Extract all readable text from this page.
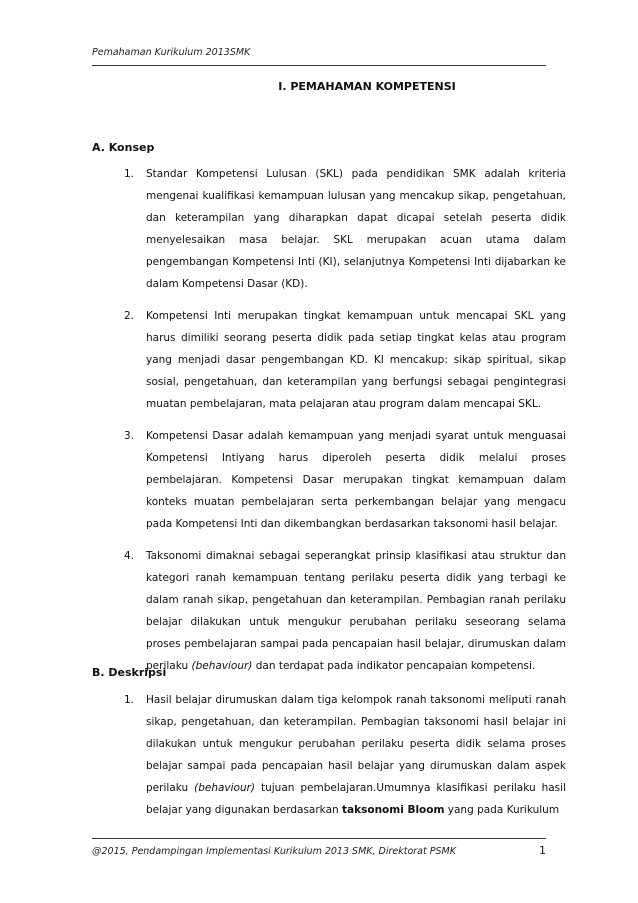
Pemahaman Kurikulum 2013SMK
I. PEMAHAMAN KOMPETENSI
A. Konsep
1.	Standar Kompetensi Lulusan (SKL) pada pendidikan SMK adalah kriteria mengenai kualifikasi kemampuan lulusan yang mencakup sikap, pengetahuan, dan keterampilan yang diharapkan dapat dicapai setelah peserta didik menyelesaikan masa belajar. SKL merupakan acuan utama dalam pengembangan Kompetensi Inti (KI), selanjutnya Kompetensi Inti dijabarkan ke dalam Kompetensi Dasar (KD).
2.	Kompetensi Inti merupakan tingkat kemampuan untuk mencapai SKL yang harus dimiliki seorang peserta didik pada setiap tingkat kelas atau program yang menjadi dasar pengembangan KD. KI mencakup: sikap spiritual, sikap sosial, pengetahuan, dan keterampilan yang berfungsi sebagai pengintegrasi muatan pembelajaran, mata pelajaran atau program dalam mencapai SKL.
3.	Kompetensi Dasar adalah kemampuan yang menjadi syarat untuk menguasai Kompetensi Intiyang harus diperoleh peserta didik melalui proses pembelajaran. Kompetensi Dasar merupakan tingkat kemampuan dalam konteks muatan pembelajaran serta perkembangan belajar yang mengacu pada Kompetensi Inti dan dikembangkan berdasarkan taksonomi hasil belajar.
4.	Taksonomi dimaknai sebagai seperangkat prinsip klasifikasi atau struktur dan kategori ranah kemampuan tentang perilaku peserta didik yang terbagi ke dalam ranah sikap, pengetahuan dan keterampilan. Pembagian ranah perilaku belajar dilakukan untuk mengukur perubahan perilaku seseorang selama proses pembelajaran sampai pada pencapaian hasil belajar, dirumuskan dalam perilaku (behaviour) dan terdapat pada indikator pencapaian kompetensi.
B. Deskripsi
1.	Hasil belajar dirumuskan dalam tiga kelompok ranah taksonomi meliputi ranah sikap, pengetahuan, dan keterampilan. Pembagian taksonomi hasil belajar ini dilakukan untuk mengukur perubahan perilaku peserta didik selama proses belajar sampai pada pencapaian hasil belajar yang dirumuskan dalam aspek perilaku (behaviour) tujuan pembelajaran.Umumnya klasifikasi perilaku hasil belajar yang digunakan berdasarkan taksonomi Bloom yang pada Kurikulum
@2015, Pendampingan Implementasi Kurikulum 2013 SMK, Direktorat PSMK	1
